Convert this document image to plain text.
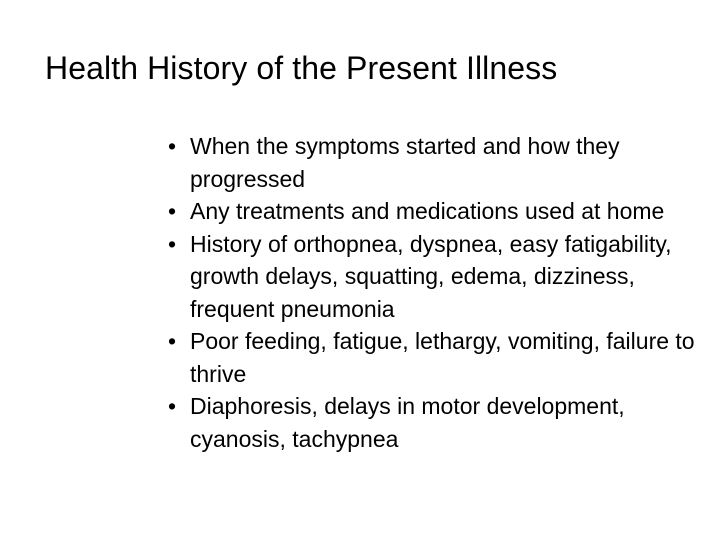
Health History of the Present Illness
• When the symptoms started and how they progressed
• Any treatments and medications used at home
• History of orthopnea, dyspnea, easy fatigability, growth delays, squatting, edema, dizziness, frequent pneumonia
• Poor feeding, fatigue, lethargy, vomiting, failure to thrive
• Diaphoresis, delays in motor development, cyanosis, tachypnea
